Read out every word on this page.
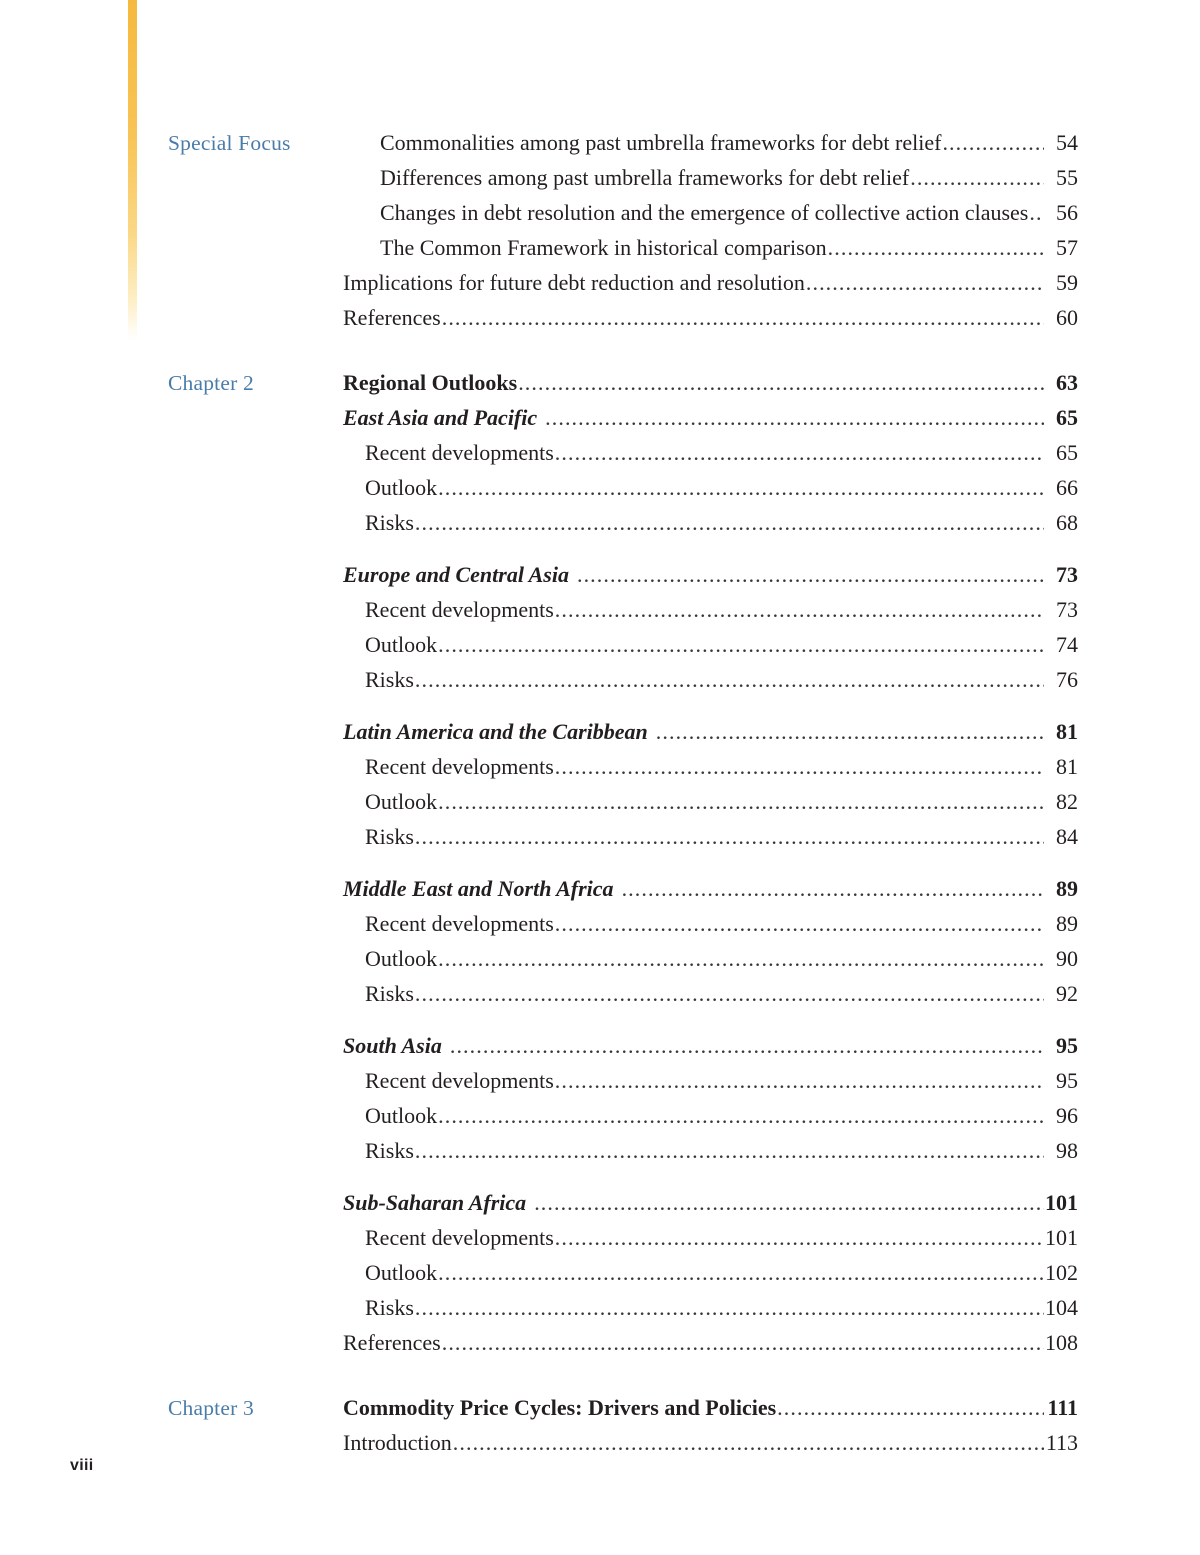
Special Focus	Commonalities among past umbrella frameworks for debt relief .....	54
Differences among past umbrella frameworks for debt relief .....	55
Changes in debt resolution and the emergence of collective action clauses .....	56
The Common Framework in historical comparison .....	57
Implications for future debt reduction and resolution .....	59
References .....	60
Chapter 2	Regional Outlooks .....	63
East Asia and Pacific .....	65
Recent developments .....	65
Outlook .....	66
Risks .....	68
Europe and Central Asia .....	73
Recent developments .....	73
Outlook .....	74
Risks .....	76
Latin America and the Caribbean .....	81
Recent developments .....	81
Outlook .....	82
Risks .....	84
Middle East and North Africa .....	89
Recent developments .....	89
Outlook .....	90
Risks .....	92
South Asia .....	95
Recent developments .....	95
Outlook .....	96
Risks .....	98
Sub-Saharan Africa .....	101
Recent developments .....	101
Outlook .....	102
Risks .....	104
References .....	108
Chapter 3	Commodity Price Cycles: Drivers and Policies .....	111
Introduction .....	113
viii
